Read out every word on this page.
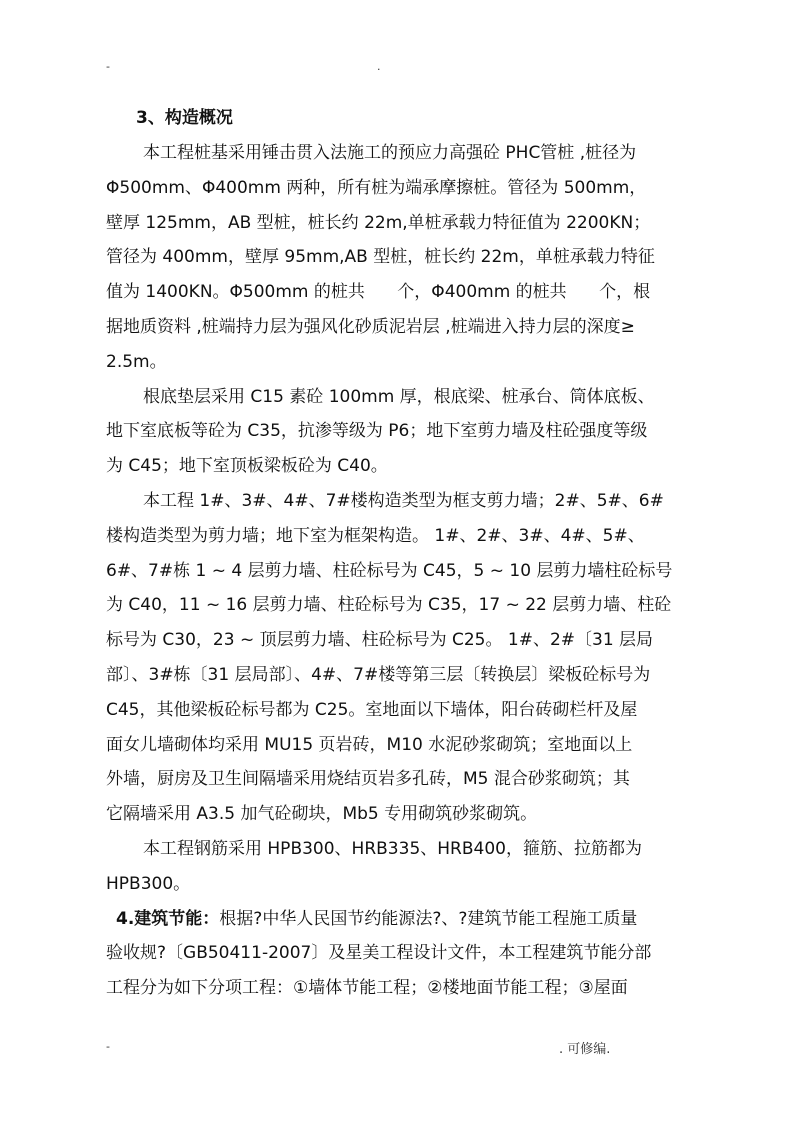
-	.
3、构造概况
本工程桩基采用锤击贯入法施工的预应力高强砼 PHC管桩 ,桩径为
Φ500mm、Φ400mm 两种，所有桩为端承摩擦桩。管径为 500mm，
壁厚 125mm，AB 型桩，桩长约 22m,单桩承载力特征值为 2200KN；
管径为 400mm，壁厚 95mm,AB 型桩，桩长约 22m，单桩承载力特征
值为 1400KN。Φ500mm 的桩共      个，Φ400mm 的桩共      个，根
据地质资料 ,桩端持力层为强风化砂质泥岩层 ,桩端进入持力层的深度≥
2.5m。
根底垫层采用 C15 素砼 100mm 厚，根底梁、桩承台、筒体底板、
地下室底板等砼为 C35，抗渗等级为 P6；地下室剪力墙及柱砼强度等级
为 C45；地下室顶板梁板砼为 C40。
本工程 1#、3#、4#、7#楼构造类型为框支剪力墙；2#、5#、6#
楼构造类型为剪力墙；地下室为框架构造。 1#、2#、3#、4#、5#、
6#、7#栋 1 ~ 4 层剪力墙、柱砼标号为 C45，5 ~ 10 层剪力墙柱砼标号
为 C40，11 ~ 16 层剪力墙、柱砼标号为 C35，17 ~ 22 层剪力墙、柱砼
标号为 C30，23 ~ 顶层剪力墙、柱砼标号为 C25。 1#、2#〔31 层局
部〕、3#栋〔31 层局部〕、4#、7#楼等第三层〔转换层〕梁板砼标号为
C45，其他梁板砼标号都为 C25。室地面以下墙体，阳台砖砌栏杆及屋
面女儿墙砌体均采用 MU15 页岩砖，M10 水泥砂浆砌筑；室地面以上
外墙，厨房及卫生间隔墙采用烧结页岩多孔砖，M5 混合砂浆砌筑；其
它隔墙采用 A3.5 加气砼砌块，Mb5 专用砌筑砂浆砌筑。
本工程钢筋采用 HPB300、HRB335、HRB400，箍筋、拉筋都为
HPB300。
4.建筑节能：根据?中华人民国节约能源法?、?建筑节能工程施工质量
验收规?〔GB50411-2007〕及星美工程设计文件，本工程建筑节能分部
工程分为如下分项工程：①墙体节能工程；②楼地面节能工程；③屋面
-	. 可修编.
